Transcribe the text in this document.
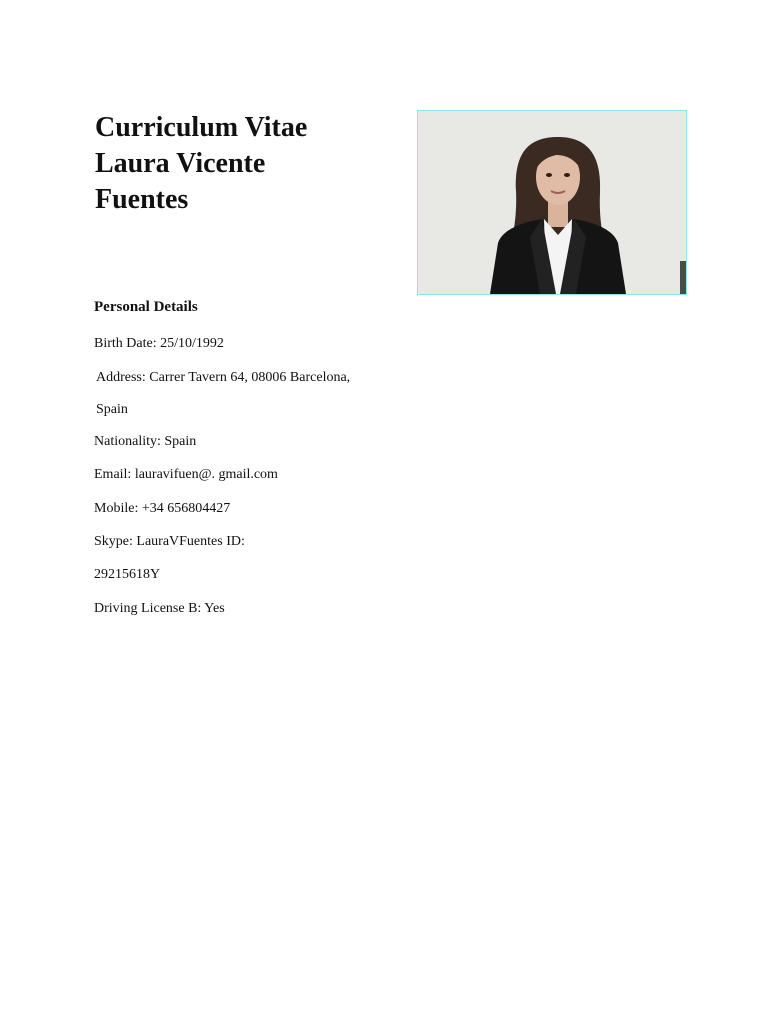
Curriculum Vitae
Laura Vicente
Fuentes
Personal Details
Birth Date: 25/10/1992
Address: Carrer Tavern 64, 08006 Barcelona,
Spain
Nationality: Spain
Email: lauravifuen@. gmail.com
Mobile: +34 656804427
Skype: LauraVFuentes ID:
29215618Y
Driving License B: Yes
